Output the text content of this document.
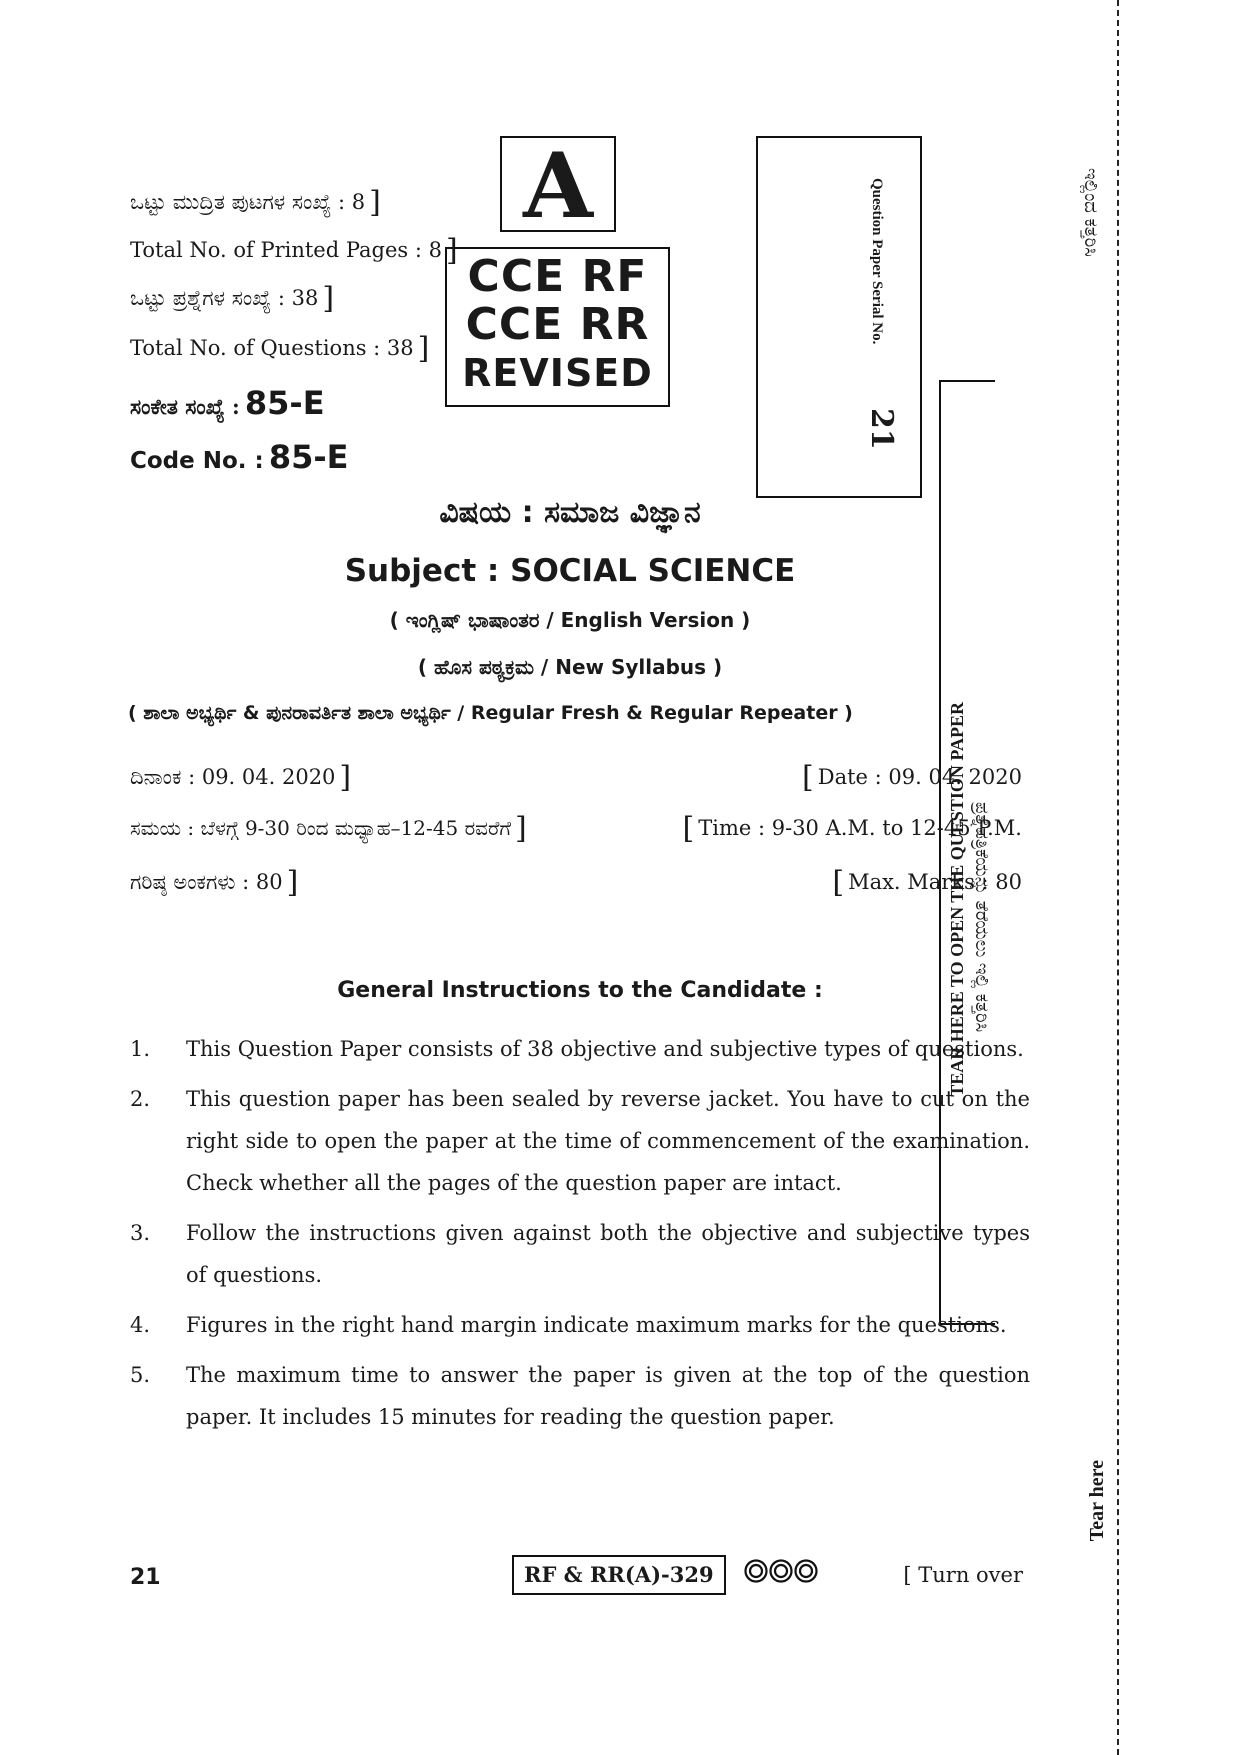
ಒಟ್ಟು ಮುದ್ರಿತ ಪುಟಗಳ ಸಂಖ್ಯೆ : 8 ]
Total No. of Printed Pages : 8 ]
ಒಟ್ಟು ಪ್ರಶ್ನೆಗಳ ಸಂಖ್ಯೆ : 38 ]
Total No. of Questions : 38 ]
ಸಂಕೇತ ಸಂಖ್ಯೆ : 85-E
Code No. : 85-E
A
CCE RF
CCE RR
REVISED
Question Paper Serial No.
21
TEAR HERE TO OPEN THE QUESTION PAPER ಪ್ರಶ್ನೆಪತ್ರಿಕೆಯನ್ನು ತೆರೆಯಲು ಇಲ್ಲಿ ಕತ್ತರಿಸಿ
ಇಲ್ಲಿಂದ ಕತ್ತರಿಸಿ
Tear here
ವಿಷಯ : ಸಮಾಜ ವಿಜ್ಞಾನ
Subject : SOCIAL SCIENCE
( ಇಂಗ್ಲಿಷ್ ಭಾಷಾಂತರ / English Version )
( ಹೊಸ ಪಠ್ಯಕ್ರಮ / New Syllabus )
( ಶಾಲಾ ಅಭ್ಯರ್ಥಿ & ಪುನರಾವರ್ತಿತ ಶಾಲಾ ಅಭ್ಯರ್ಥಿ / Regular Fresh & Regular Repeater )
ದಿನಾಂಕ : 09. 04. 2020 ]	[ Date : 09. 04. 2020
ಸಮಯ : ಬೆಳಗ್ಗೆ 9-30 ರಿಂದ ಮಧ್ಯಾಹ–12-45 ರವರೆಗೆ ]	[ Time : 9-30 A.M. to 12-45 P.M.
ಗರಿಷ್ಠ ಅಂಕಗಳು : 80 ]	[ Max. Marks : 80
General Instructions to the Candidate :
1.	This Question Paper consists of 38 objective and subjective types of questions.
2.	This question paper has been sealed by reverse jacket. You have to cut on the right side to open the paper at the time of commencement of the examination. Check whether all the pages of the question paper are intact.
3.	Follow the instructions given against both the objective and subjective types of questions.
4.	Figures in the right hand margin indicate maximum marks for the questions.
5.	The maximum time to answer the paper is given at the top of the question paper. It includes 15 minutes for reading the question paper.
21	RF & RR(A)-329	[ Turn over
